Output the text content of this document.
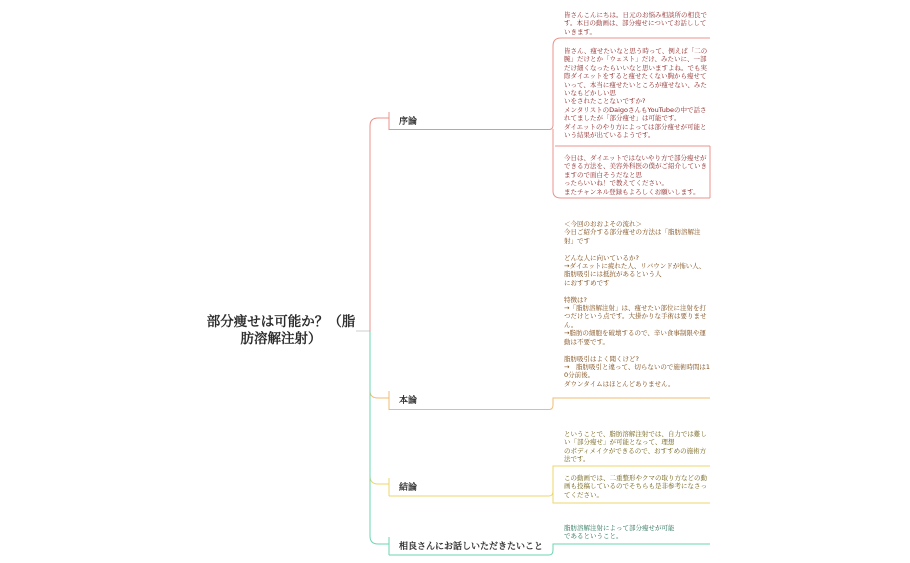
部分痩せは可能か？（脂肪溶解注射）
序論
本論
結論
相良さんにお話しいただきたいこと
皆さんこんにちは。日元のお悩み相談所の相良です。本日の動画は、部分痩せについてお話ししていきます。
皆さん、痩せたいなと思う時って、例えば「二の腕」だけとか「ウェスト」だけ、みたいに、一部だけ細くなったらいいなと思いますよね。でも実際ダイエットをすると痩せたくない胸から痩せていって、本当に痩せたいところが痩せない、みたいなもどかしい思
いをされたことないですか?
メンタリストのDaigoさんもYouTubeの中で話されてましたが「部分痩せ」は可能です。
ダイエットのやり方によっては部分痩せが可能という結果が出ているようです。
今日は、ダイエットではないやり方で部分痩せができる方法を、美容外科医の僕がご紹介していきますので面白そうだなと思
ったらいいね！で教えてください。
またチャンネル登録もよろしくお願いします。
＜今回のおおよその流れ＞
今日ご紹介する部分痩せの方法は「脂肪溶解注射」です

どんな人に向いているか?
→ダイエットに疲れた人、リバウンドが怖い人、脂肪吸引には抵抗があるという人
におすすめです

特徴は?
→「脂肪溶解注射」は、痩せたい部位に注射を打つだけという点です。大掛かりな手術は要りません。
→脂肪の細胞を破壊するので、辛い食事制限や運動は不要です。

脂肪吸引はよく聞くけど?
→　脂肪吸引と違って、切らないので施術時間は10分前後。
ダウンタイムはほとんどありません。
ということで、脂肪溶解注射では、自力では難しい「部分痩せ」が可能となって、理想
のボディメイクができるので、おすすめの施術方法です。
この動画では、二重整形やクマの取り方などの動画も投稿しているのでそちらも是非参考になさってください。
脂肪溶解注射によって部分痩せが可能
であるということ。
